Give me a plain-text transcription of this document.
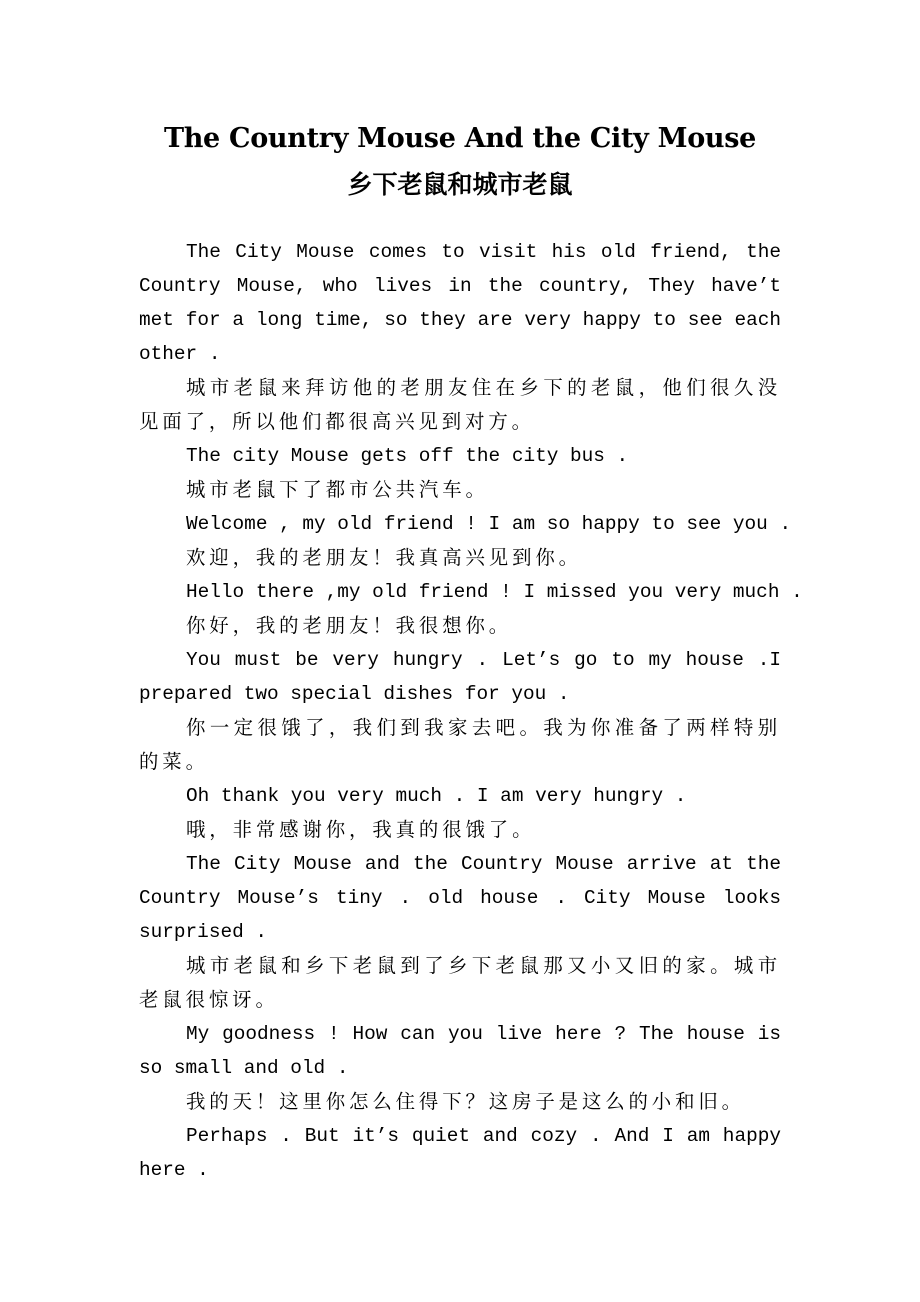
The Country Mouse And the City Mouse
乡下老鼠和城市老鼠

The City Mouse comes to visit his old friend, the Country Mouse, who lives in the country, They have’t met for a long time, so they are very happy to see each other .

城市老鼠来拜访他的老朋友住在乡下的老鼠，他们很久没见面了，所以他们都很高兴见到对方。

The city Mouse gets off the city bus .

城市老鼠下了都市公共汽车。

Welcome , my old friend ! I am so happy to see you .

欢迎，我的老朋友！我真高兴见到你。

Hello there ,my old friend ! I missed you very much .

你好，我的老朋友！我很想你。

You must be very hungry . Let’s go to my house .I prepared two special dishes for you .

你一定很饿了，我们到我家去吧。我为你准备了两样特别的菜。

Oh thank you very much . I am very hungry .

哦，非常感谢你，我真的很饿了。

The City Mouse and the Country Mouse arrive at the Country Mouse’s tiny . old house . City Mouse looks surprised .

城市老鼠和乡下老鼠到了乡下老鼠那又小又旧的家。城市老鼠很惊讶。

My goodness ! How can you live here ? The house is so small and old .

我的天！这里你怎么住得下？这房子是这么的小和旧。

Perhaps . But it’s quiet and cozy . And I am happy here .
